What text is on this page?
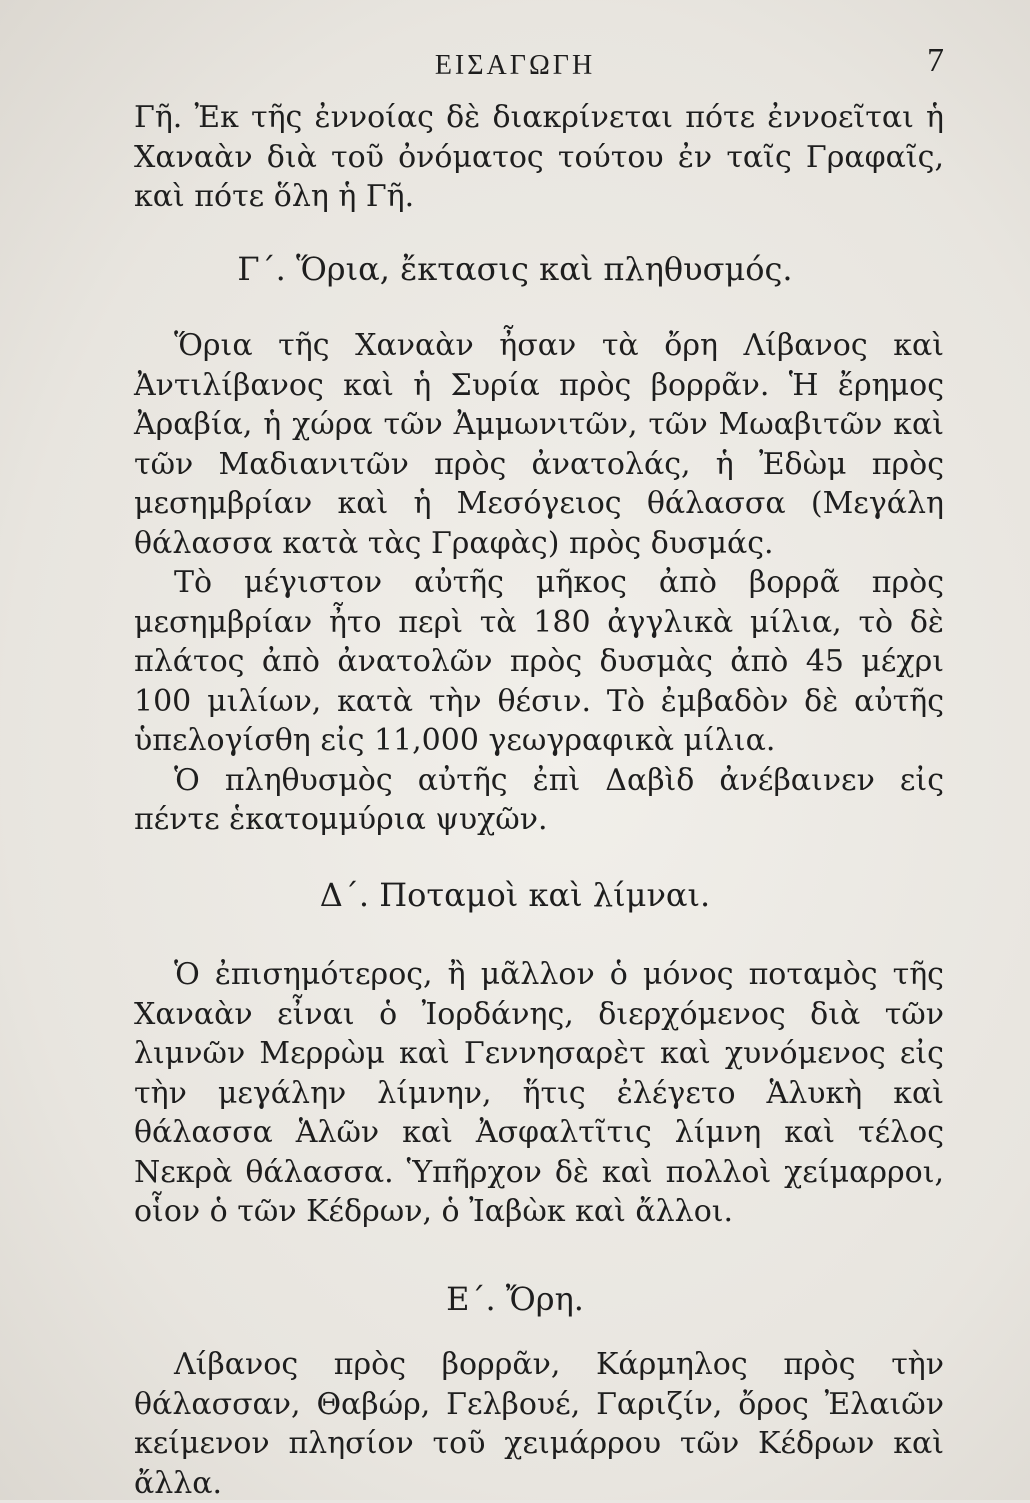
ΕΙΣΑΓΩΓΗ	7

Γῆ. Ἐκ τῆς ἐννοίας δὲ διακρίνεται πότε ἐννοεῖται ἡ Χαναὰν διὰ τοῦ ὀνόματος τούτου ἐν ταῖς Γραφαῖς, καὶ πότε ὅλη ἡ Γῆ.

Γ΄. Ὅρια, ἔκτασις καὶ πληθυσμός.

Ὅρια τῆς Χαναὰν ἦσαν τὰ ὄρη Λίβανος καὶ Ἀντιλίβανος καὶ ἡ Συρία πρὸς βορρᾶν. Ἡ ἔρημος Ἀραβία, ἡ χώρα τῶν Ἀμμωνιτῶν, τῶν Μωαβιτῶν καὶ τῶν Μαδιανιτῶν πρὸς ἀνατολάς, ἡ Ἐδὼμ πρὸς μεσημβρίαν καὶ ἡ Μεσόγειος θάλασσα (Μεγάλη θάλασσα κατὰ τὰς Γραφὰς) πρὸς δυσμάς.

Τὸ μέγιστον αὐτῆς μῆκος ἀπὸ βορρᾶ πρὸς μεσημβρίαν ἦτο περὶ τὰ 180 ἀγγλικὰ μίλια, τὸ δὲ πλάτος ἀπὸ ἀνατολῶν πρὸς δυσμὰς ἀπὸ 45 μέχρι 100 μιλίων, κατὰ τὴν θέσιν. Τὸ ἐμβαδὸν δὲ αὐτῆς ὑπελογίσθη εἰς 11,000 γεωγραφικὰ μίλια.

Ὁ πληθυσμὸς αὐτῆς ἐπὶ Δαβὶδ ἀνέβαινεν εἰς πέντε ἑκατομμύρια ψυχῶν.

Δ΄. Ποταμοὶ καὶ λίμναι.

Ὁ ἐπισημότερος, ἢ μᾶλλον ὁ μόνος ποταμὸς τῆς Χαναὰν εἶναι ὁ Ἰορδάνης, διερχόμενος διὰ τῶν λιμνῶν Μερρὼμ καὶ Γεννησαρὲτ καὶ χυνόμενος εἰς τὴν μεγάλην λίμνην, ἥτις ἐλέγετο Ἁλυκὴ καὶ θάλασσα Ἁλῶν καὶ Ἀσφαλτῖτις λίμνη καὶ τέλος Νεκρὰ θάλασσα. Ὑπῆρχον δὲ καὶ πολλοὶ χείμαρροι, οἷον ὁ τῶν Κέδρων, ὁ Ἰαβὼκ καὶ ἄλλοι.

Ε΄. Ὄρη.

Λίβανος πρὸς βορρᾶν, Κάρμηλος πρὸς τὴν θάλασσαν, Θαβώρ, Γελβουέ, Γαριζίν, ὄρος Ἐλαιῶν κείμενον πλησίον τοῦ χειμάρρου τῶν Κέδρων καὶ ἄλλα.
